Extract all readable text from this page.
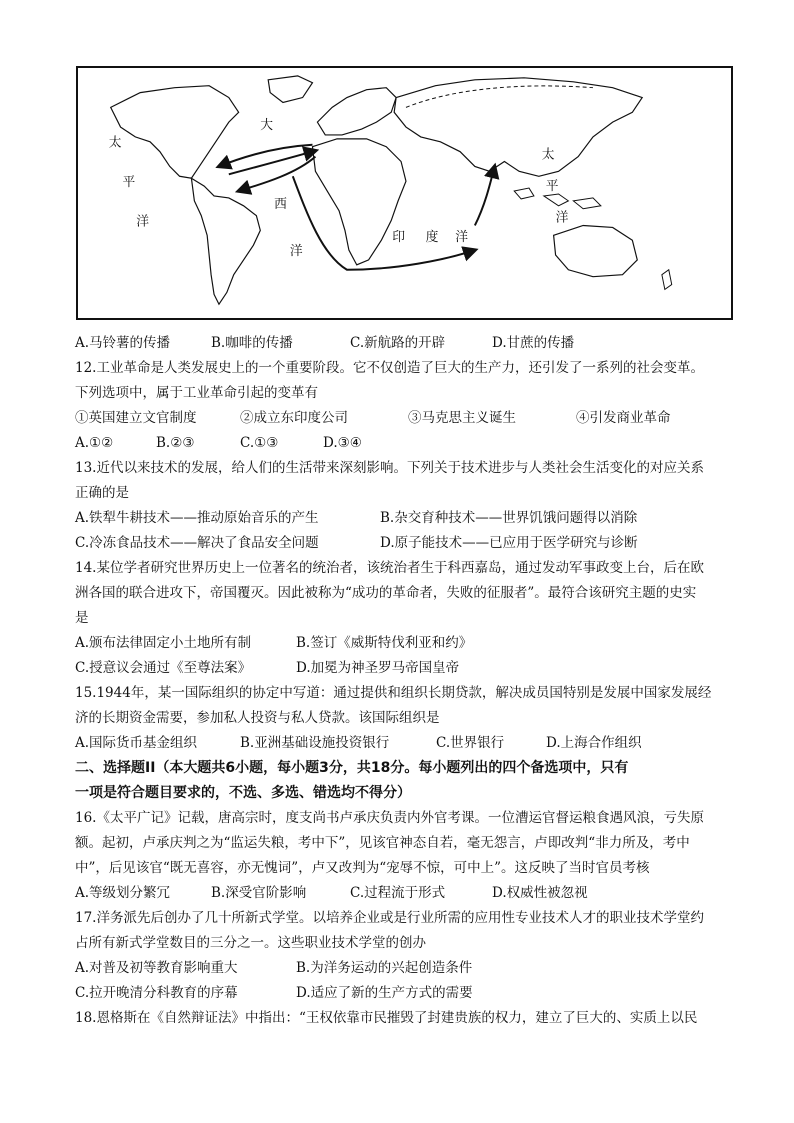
太
平
洋
大
西
洋
印 度 洋
太
平
洋
A.马铃薯的传播	B.咖啡的传播	C.新航路的开辟	D.甘蔗的传播
12.工业革命是人类发展史上的一个重要阶段。它不仅创造了巨大的生产力，还引发了一系列的社会变革。
下列选项中，属于工业革命引起的变革有
①英国建立文官制度	②成立东印度公司	③马克思主义诞生	④引发商业革命
A.①②	B.②③	C.①③	D.③④
13.近代以来技术的发展，给人们的生活带来深刻影响。下列关于技术进步与人类社会生活变化的对应关系
正确的是
A.铁犁牛耕技术——推动原始音乐的产生	B.杂交育种技术——世界饥饿问题得以消除
C.冷冻食品技术——解决了食品安全问题	D.原子能技术——已应用于医学研究与诊断
14.某位学者研究世界历史上一位著名的统治者，该统治者生于科西嘉岛，通过发动军事政变上台，后在欧
洲各国的联合进攻下，帝国覆灭。因此被称为“成功的革命者，失败的征服者”。最符合该研究主题的史实
是
A.颁布法律固定小土地所有制	B.签订《威斯特伐利亚和约》
C.授意议会通过《至尊法案》	D.加冕为神圣罗马帝国皇帝
15.1944年，某一国际组织的协定中写道：通过提供和组织长期贷款，解决成员国特别是发展中国家发展经
济的长期资金需要，参加私人投资与私人贷款。该国际组织是
A.国际货币基金组织	B.亚洲基础设施投资银行	C.世界银行	D.上海合作组织
二、选择题II（本大题共6小题，每小题3分，共18分。每小题列出的四个备选项中，只有
一项是符合题目要求的，不选、多选、错选均不得分）
16.《太平广记》记载，唐高宗时，度支尚书卢承庆负责内外官考课。一位漕运官督运粮食遇风浪，亏失原
额。起初，卢承庆判之为“监运失粮，考中下”，见该官神态自若，毫无怨言，卢即改判“非力所及，考中
中”，后见该官“既无喜容，亦无愧词”，卢又改判为“宠辱不惊，可中上”。这反映了当时官员考核
A.等级划分繁冗	B.深受官阶影响	C.过程流于形式	D.权威性被忽视
17.洋务派先后创办了几十所新式学堂。以培养企业或是行业所需的应用性专业技术人才的职业技术学堂约
占所有新式学堂数目的三分之一。这些职业技术学堂的创办
A.对普及初等教育影响重大	B.为洋务运动的兴起创造条件
C.拉开晚清分科教育的序幕	D.适应了新的生产方式的需要
18.恩格斯在《自然辩证法》中指出：“王权依靠市民摧毁了封建贵族的权力，建立了巨大的、实质上以民
